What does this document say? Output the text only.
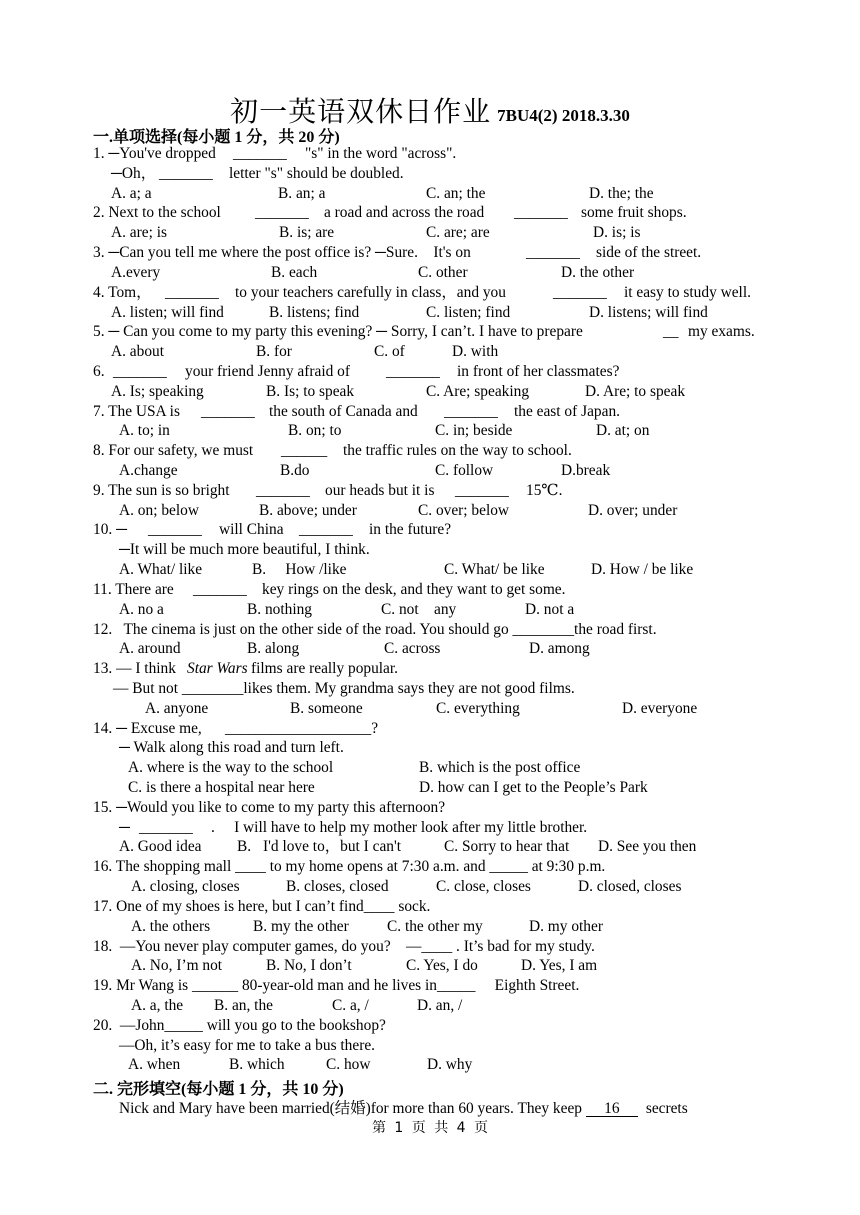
初一英语双休日作业 7BU4(2) 2018.3.30
一.单项选择(每小题 1 分，共 20 分)
1. ─You've dropped _______ "s" in the word "across".
─Oh， _______ letter "s" should be doubled.
A. a; a	B. an; a	C. an; the	D. the; the
2. Next to the school _______ a road and across the road _______ some fruit shops.
A. are; is	B. is; are	C. are; are	D. is; is
3. ─Can you tell me where the post office is? ─Sure.    It's on	_______ side of the street.
A.every	B. each	C. other	D. the other
4. Tom， _______ to your teachers carefully in class，and you	_______ it easy to study well.
A. listen; will find	B. listens; find	C. listen; find	D. listens; will find
5. ─ Can you come to my party this evening? ─ Sorry, I can’t. I have to prepare	__ my exams.
A. about	B. for	C. of	D. with
6. _______ your friend Jenny afraid of _______ in front of her classmates?
A. Is; speaking	B. Is; to speak	C. Are; speaking	D. Are; to speak
7. The USA is _______ the south of Canada and _______ the east of Japan.
A. to; in	B. on; to	C. in; beside	D. at; on
8. For our safety, we must ______ the traffic rules on the way to school.
A.change	B.do	C. follow	D.break
9. The sun is so bright _______ our heads but it is _______ 15℃.
A. on; below	B. above; under	C. over; below	D. over; under
10. ─ _______ will China _______ in the future?
─It will be much more beautiful, I think.
A. What/ like	B.     How /like	C. What/ be like	D. How / be like
11. There are _______ key rings on the desk, and they want to get some.
A. no a	B. nothing	C. not    any	D. not a
12.   The cinema is just on the other side of the road. You should go ________the road first.
A. around	B. along	C. across	D. among
13. — I think Star Wars films are really popular.
— But not ________likes them. My grandma says they are not good films.
A. anyone	B. someone	C. everything	D. everyone
14. ─ Excuse me, ___________________?
─ Walk along this road and turn left.
A. where is the way to the school	B. which is the post office
C. is there a hospital near here	D. how can I get to the People’s Park
15. ─Would you like to come to my party this afternoon?
─ _______ .     I will have to help my mother look after my little brother.
A. Good idea B. I'd love to，but I can't	C. Sorry to hear that D. See you then
16. The shopping mall ____ to my home opens at 7:30 a.m. and _____ at 9:30 p.m.
A. closing, closes	B. closes, closed	C. close, closes	D. closed, closes
17. One of my shoes is here, but I can’t find____ sock.
A. the others	B. my the other C. the other my	D. my other
18.  —You never play computer games, do you?    —____ . It’s bad for my study.
A. No, I’m not	B. No, I don’t	C. Yes, I do	D. Yes, I am
19. Mr Wang is ______ 80-year-old man and he lives in_____     Eighth Street.
A. a, the B. an, the	C. a, /	D. an, /
20.  —John_____ will you go to the bookshop?
—Oh, it’s easy for me to take a bus there.
A. when	B. which	C. how	D. why
二. 完形填空(每小题 1 分，共 10 分)
Nick and Mary have been married(结婚)for more than 60 years. They keep 16 secrets
第 1 页 共 4 页
